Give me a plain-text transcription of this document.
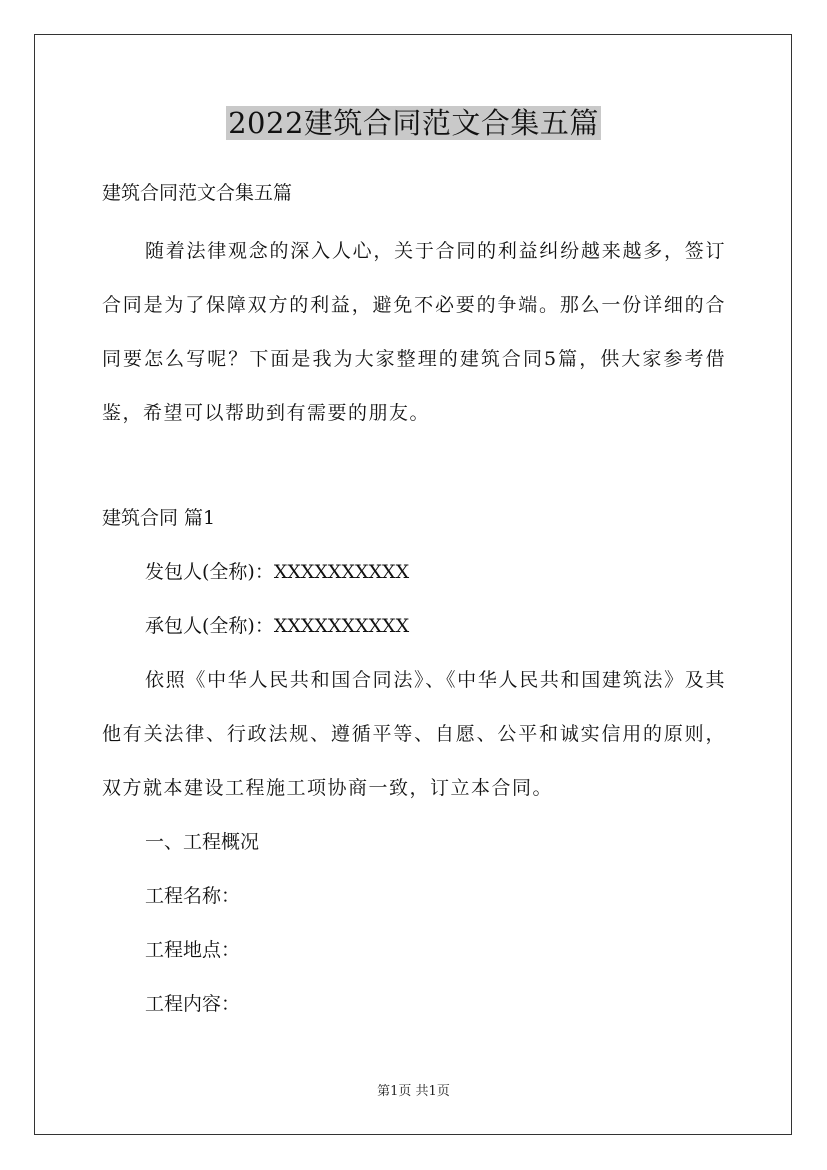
2022建筑合同范文合集五篇
建筑合同范文合集五篇
随着法律观念的深入人心，关于合同的利益纠纷越来越多，签订合同是为了保障双方的利益，避免不必要的争端。那么一份详细的合同要怎么写呢？下面是我为大家整理的建筑合同5篇，供大家参考借鉴，希望可以帮助到有需要的朋友。
建筑合同 篇1
发包人(全称)：XXXXXXXXXX
承包人(全称)：XXXXXXXXXX
依照《中华人民共和国合同法》、《中华人民共和国建筑法》及其他有关法律、行政法规、遵循平等、自愿、公平和诚实信用的原则，双方就本建设工程施工项协商一致，订立本合同。
一、工程概况
工程名称：
工程地点：
工程内容：
第1页 共1页
